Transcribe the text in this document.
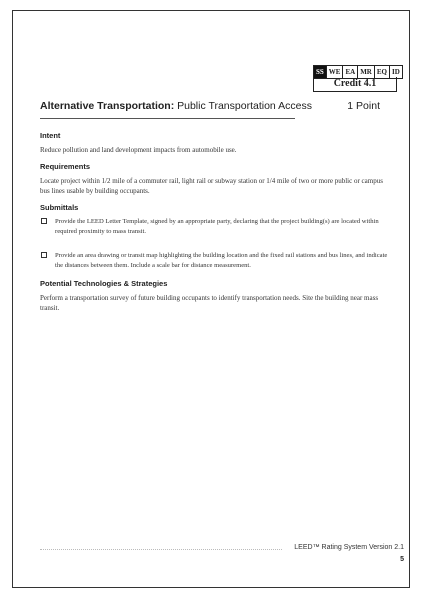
SS WE EA MR EQ ID
Credit 4.1
Alternative Transportation: Public Transportation Access	1 Point
Intent

Reduce pollution and land development impacts from automobile use.

Requirements

Locate project within 1/2 mile of a commuter rail, light rail or subway station or 1/4 mile of two or more public or campus bus lines usable by building occupants.

Submittals
Provide the LEED Letter Template, signed by an appropriate party, declaring that the project building(s) are located within required proximity to mass transit.
Provide an area drawing or transit map highlighting the building location and the fixed rail stations and bus lines, and indicate the distances between them. Include a scale bar for distance measurement.
Potential Technologies & Strategies

Perform a transportation survey of future building occupants to identify transportation needs. Site the building near mass transit.

LEED™ Rating System Version 2.1
5
